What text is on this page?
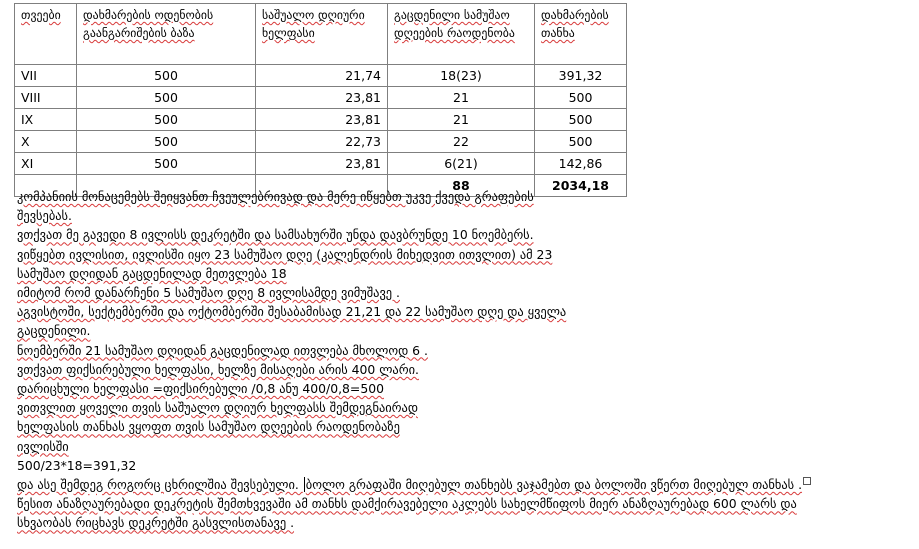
თვეები	დახმარების ოდენობის გაანგარიშების ბაზა	საშუალო დღიური ხელფასი	გაცდენილი სამუშაო დღეების რაოდენობა	დახმარების თანხა
VII	500	21,74	18(23)	391,32
VIII	500	23,81	21	500
IX	500	23,81	21	500
X	500	22,73	22	500
XI	500	23,81	6(21)	142,86
			88	2034,18

კომპანიის მონაცემებს შეიყვანთ ჩვეულებრივად და მერე იწყებთ უკვე ქვედა გრაფების

შევსებას.

ვთქვათ მე გავედი 8 ივლისს დეკრეტში და სამსახურში უნდა დავბრუნდე 10 ნოემბერს.

ვიწყებთ ივლისით, ივლისში იყო 23 სამუშაო დღე (კალენდრის მიხედვით ითვლით) ამ 23

სამუშაო დღიდან გაცდენილად მეთვლება 18

იმიტომ რომ დანარჩენი 5 სამუშაო დღე 8 ივლისამდე ვიმუშავე .

აგვისტოში, სექტემბერში და ოქტომბერში შესაბამისად 21,21 და 22 სამუშაო დღე და ყველა

გაცდენილი.

ნოემბერში 21 სამუშაო დღიდან გაცდენილად ითვლება მხოლოდ 6 .

ვთქვათ ფიქსირებული ხელფასი, ხელზე მისაღები არის 400 ლარი.

დარიცხული ხელფასი =ფიქსირებული /0,8 ანუ 400/0,8=500

ვითვლით ყოველი თვის საშუალო დღიურ ხელფასს შემდეგნაირად

ხელფასის თანხას ვყოფთ თვის სამუშაო დღეების რაოდენობაზე

ივლისში

500/23*18=391,32

და ასე შემდეგ როგორც ცხრილშია შევსებული. ბოლო გრაფაში მიღებულ თანხებს ვაჯამებთ და ბოლოში ვწერთ მიღებულ თანხას .

წესით ანაზღაურებადი დეკრეტის შემთხვევაში ამ თანხს დამქირავებელი აკლებს სახელმწიფოს მიერ ანაზღაურებად 600 ლარს და

სხვაობას რიცხავს დეკრეტში გასვლისთანავე .
